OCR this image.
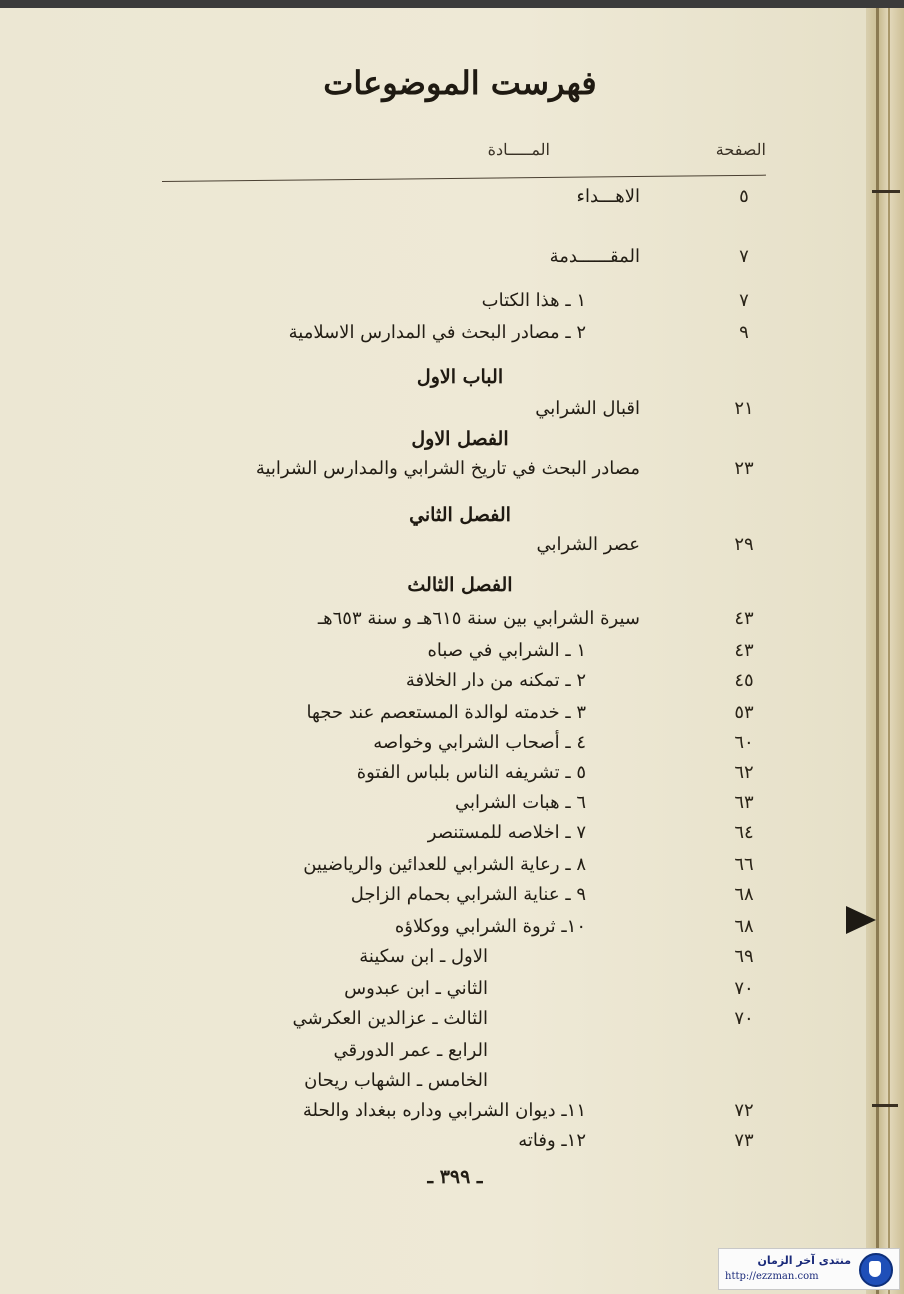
فهرست الموضوعات
الصفحة
المـــــادة
٥
الاهـــداء
٧
المقــــــدمة
٧
١ ـ هذا الكتاب
٩
٢ ـ مصادر البحث في المدارس الاسلامية
الباب الاول
٢١
اقبال الشرابي
الفصل الاول
٢٣
مصادر البحث في تاريخ الشرابي والمدارس الشرابية
الفصل الثاني
٢٩
عصر الشرابي
الفصل الثالث
٤٣
سيرة الشرابي بين سنة ٦١٥هـ و سنة ٦٥٣هـ
٤٣
١ ـ الشرابي في صباه
٤٥
٢ ـ تمكنه من دار الخلافة
٥٣
٣ ـ خدمته لوالدة المستعصم عند حجها
٦٠
٤ ـ أصحاب الشرابي وخواصه
٦٢
٥ ـ تشريفه الناس بلباس الفتوة
٦٣
٦ ـ هبات الشرابي
٦٤
٧ ـ اخلاصه للمستنصر
٦٦
٨ ـ رعاية الشرابي للعدائين والرياضيين
٦٨
٩ ـ عناية الشرابي بحمام الزاجل
٦٨
١٠ـ ثروة الشرابي ووكلاؤه
٦٩
الاول ـ ابن سكينة
٧٠
الثاني ـ ابن عبدوس
٧٠
الثالث ـ عزالدين العكرشي
الرابع ـ عمر الدورقي
الخامس ـ الشهاب ريحان
٧٢
١١ـ ديوان الشرابي وداره ببغداد والحلة
٧٣
١٢ـ وفاته
ـ ٣٩٩ ـ
منتدى آخر الزمان
http://ezzman.com
